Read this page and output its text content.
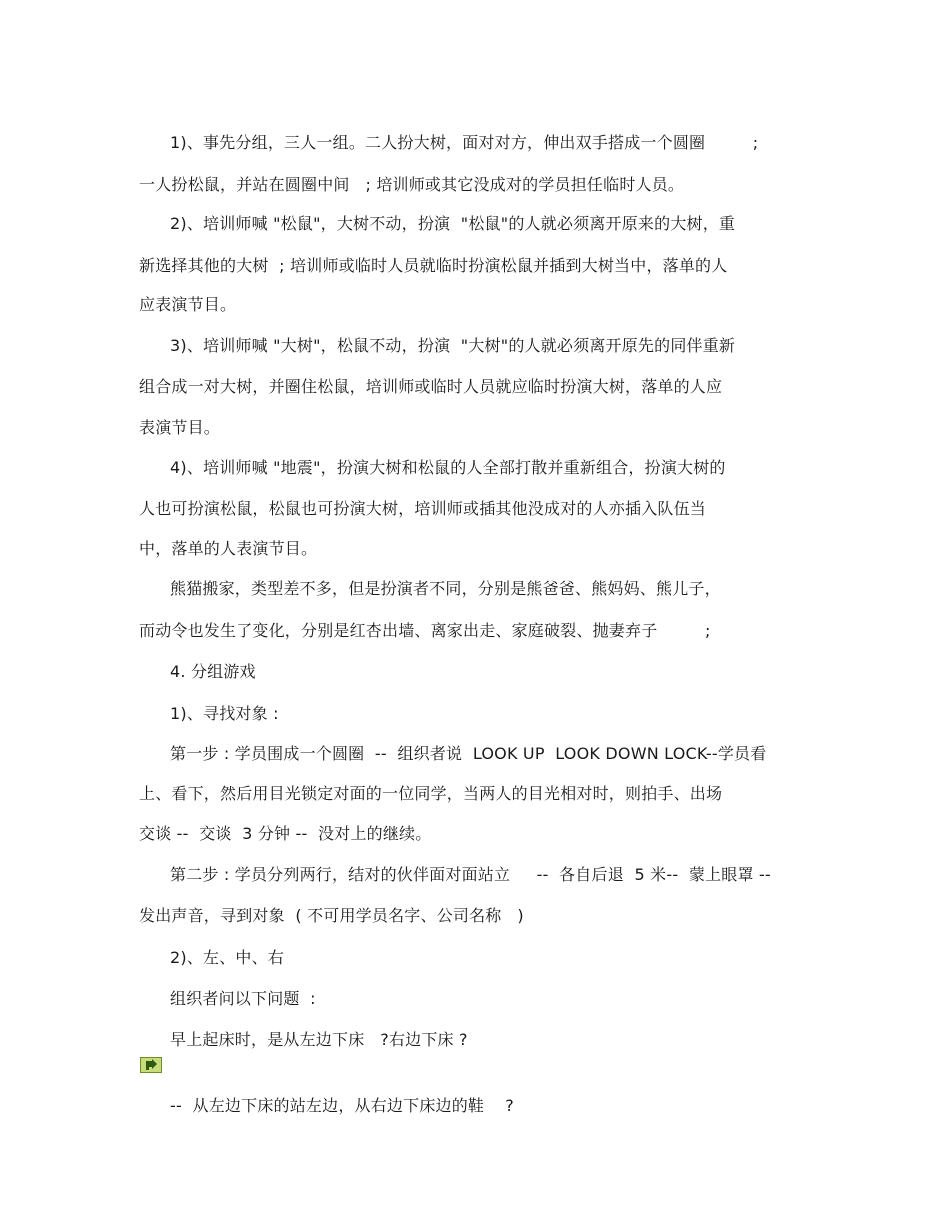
1)、事先分组，三人一组。二人扮大树，面对对方，伸出双手搭成一个圆圈         ;
一人扮松鼠，并站在圆圈中间   ; 培训师或其它没成对的学员担任临时人员。
2)、培训师喊 "松鼠"，大树不动，扮演  "松鼠"的人就必须离开原来的大树，重
新选择其他的大树  ; 培训师或临时人员就临时扮演松鼠并插到大树当中，落单的人
应表演节目。
3)、培训师喊 "大树"，松鼠不动，扮演  "大树"的人就必须离开原先的同伴重新
组合成一对大树，并圈住松鼠，培训师或临时人员就应临时扮演大树，落单的人应
表演节目。
4)、培训师喊 "地震"，扮演大树和松鼠的人全部打散并重新组合，扮演大树的
人也可扮演松鼠，松鼠也可扮演大树，培训师或插其他没成对的人亦插入队伍当
中，落单的人表演节目。
熊猫搬家，类型差不多，但是扮演者不同，分别是熊爸爸、熊妈妈、熊儿子，
而动令也发生了变化，分别是红杏出墙、离家出走、家庭破裂、抛妻弃子         ;
4. 分组游戏
1)、寻找对象 :
第一步 : 学员围成一个圆圈  --  组织者说  LOOK UP  LOOK DOWN LOCK--学员看
上、看下，然后用目光锁定对面的一位同学，当两人的目光相对时，则拍手、出场
交谈 --  交谈  3 分钟 --  没对上的继续。
第二步 : 学员分列两行，结对的伙伴面对面站立     --  各自后退  5 米--  蒙上眼罩 --
发出声音，寻到对象  ( 不可用学员名字、公司名称   )
2)、左、中、右
组织者问以下问题  :
早上起床时，是从左边下床   ?右边下床 ?
--  从左边下床的站左边，从右边下床边的鞋    ?
